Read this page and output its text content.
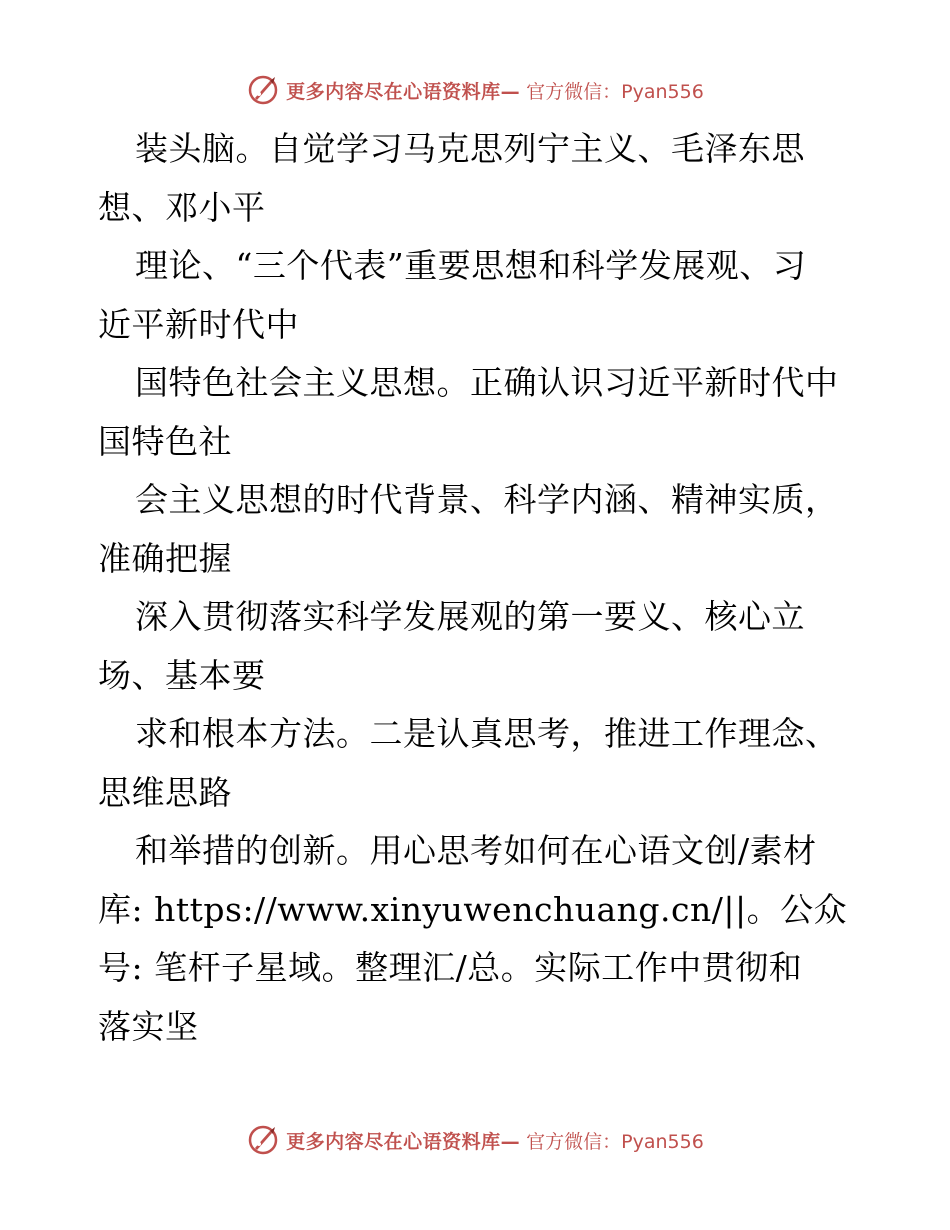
更多内容尽在心语资料库— 官方微信：Pyan556
装头脑。自觉学习马克思列宁主义、毛泽东思
想、邓小平
理论、“三个代表”重要思想和科学发展观、习
近平新时代中
国特色社会主义思想。正确认识习近平新时代中
国特色社
会主义思想的时代背景、科学内涵、精神实质，
准确把握
深入贯彻落实科学发展观的第一要义、核心立
场、基本要
求和根本方法。二是认真思考，推进工作理念、
思维思路
和举措的创新。用心思考如何在心语文创/素材
库: https://www.xinyuwenchuang.cn/||。公众
号: 笔杆子星域。整理汇/总。实际工作中贯彻和
落实坚
更多内容尽在心语资料库— 官方微信：Pyan556
